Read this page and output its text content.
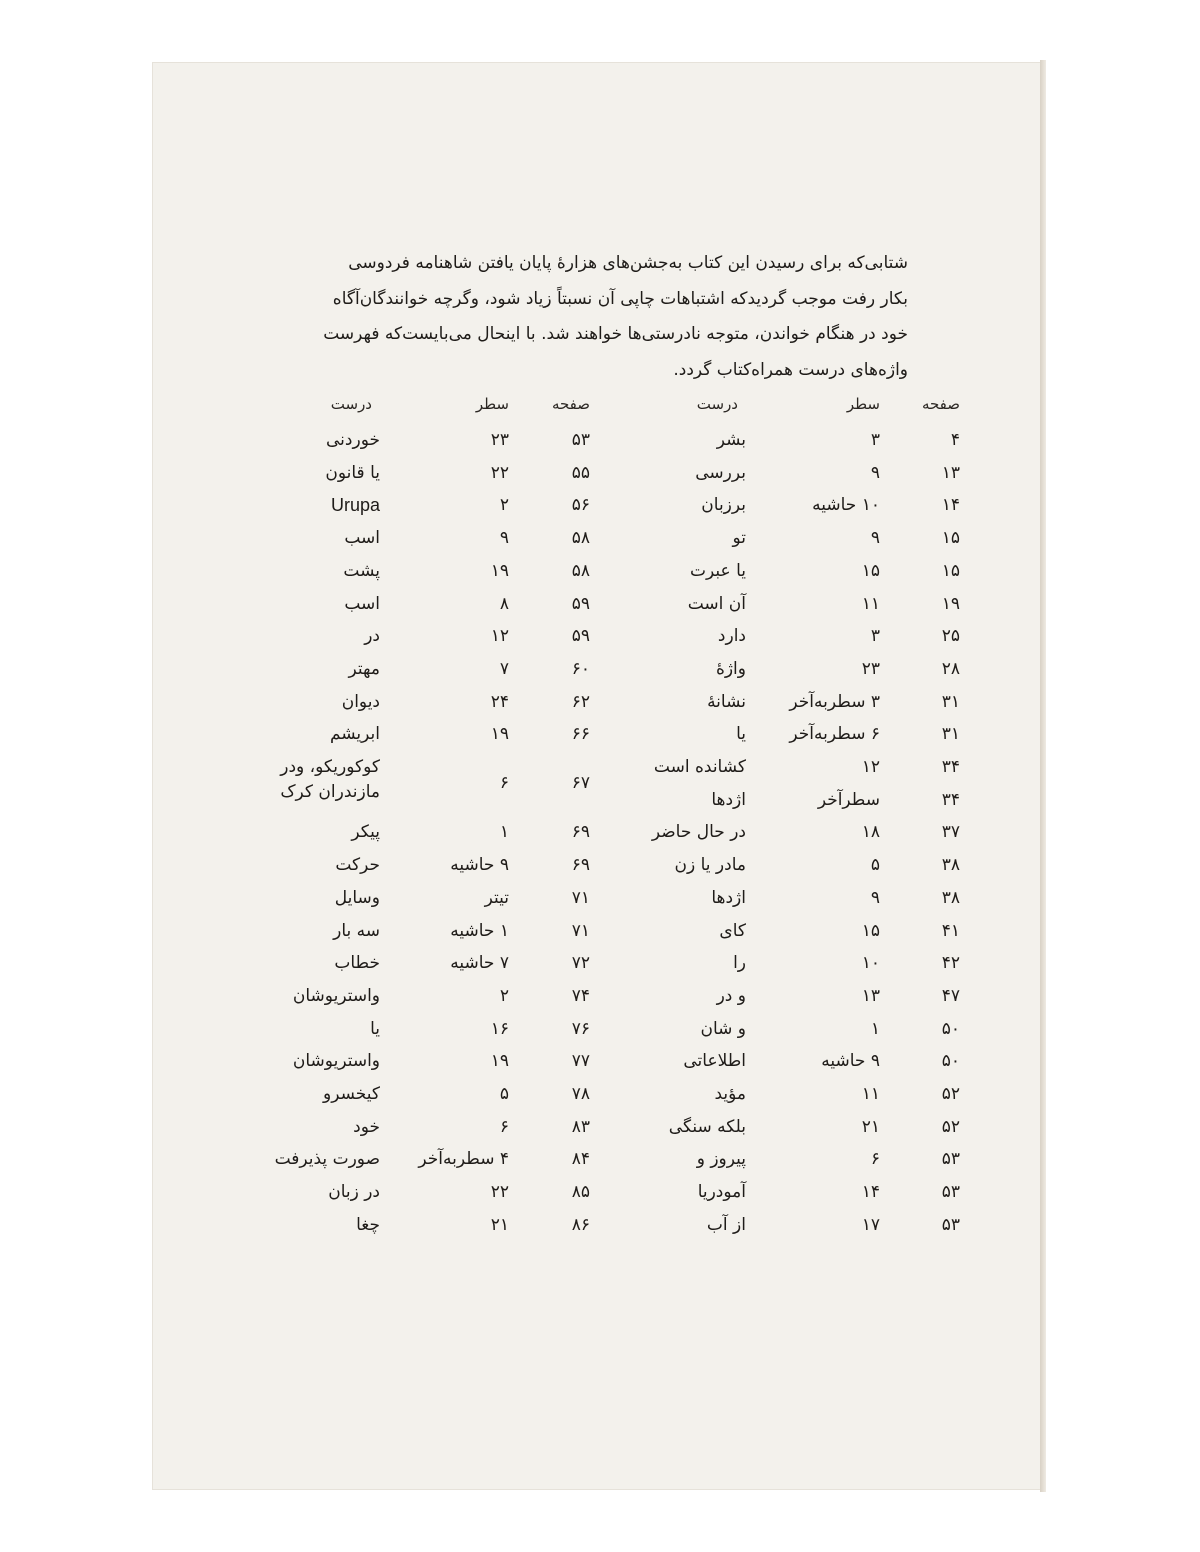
شتابی‌که برای رسیدن این کتاب به‌جشن‌های هزارهٔ پایان یافتن شاهنامه فردوسی
بکار رفت موجب گردیدکه اشتباهات چاپی آن نسبتاً زیاد شود، وگرچه خوانندگان‌آگاه
خود در هنگام خواندن، متوجه نادرستی‌ها خواهند شد. با اینحال می‌بایست‌که فهرست
واژه‌های درست همراه‌کتاب گردد.
صفحه
سطر
درست
صفحه
سطر
درست
۴
۳
بشر
۱۳
۹
بررسی
۱۴
۱۰ حاشیه
برزبان
۱۵
۹
تو
۱۵
۱۵
یا عبرت
۱۹
۱۱
آن است
۲۵
۳
دارد
۲۸
۲۳
واژهٔ
۳۱
۳ سطربه‌آخر
نشانهٔ
۳۱
۶ سطربه‌آخر
یا
۳۴
۱۲
کشانده است
۳۴
سطرآخر
اژدها
۳۷
۱۸
در حال حاضر
۳۸
۵
مادر یا زن
۳۸
۹
اژدها
۴۱
۱۵
کای
۴۲
۱۰
را
۴۷
۱۳
و در
۵۰
۱
و شان
۵۰
۹ حاشیه
اطلاعاتی
۵۲
۱۱
مؤید
۵۲
۲۱
بلکه سنگی
۵۳
۶
پیروز و
۵۳
۱۴
آمودریا
۵۳
۱۷
از آب
۵۳
۲۳
خوردنی
۵۵
۲۲
یا قانون
۵۶
۲
Urupa
۵۸
۹
اسب
۵۸
۱۹
پشت
۵۹
۸
اسب
۵۹
۱۲
در
۶۰
۷
مهتر
۶۲
۲۴
دیوان
۶۶
۱۹
ابریشم
۶۷
۶
کوکوریکو، ودر مازندران کرک
۶۹
۱
پیکر
۶۹
۹ حاشیه
حرکت
۷۱
تیتر
وسایل
۷۱
۱ حاشیه
سه بار
۷۲
۷ حاشیه
خطاب
۷۴
۲
واستریوشان
۷۶
۱۶
یا
۷۷
۱۹
واستریوشان
۷۸
۵
کیخسرو
۸۳
۶
خود
۸۴
۴ سطربه‌آخر
صورت پذیرفت
۸۵
۲۲
در زبان
۸۶
۲۱
چغا
